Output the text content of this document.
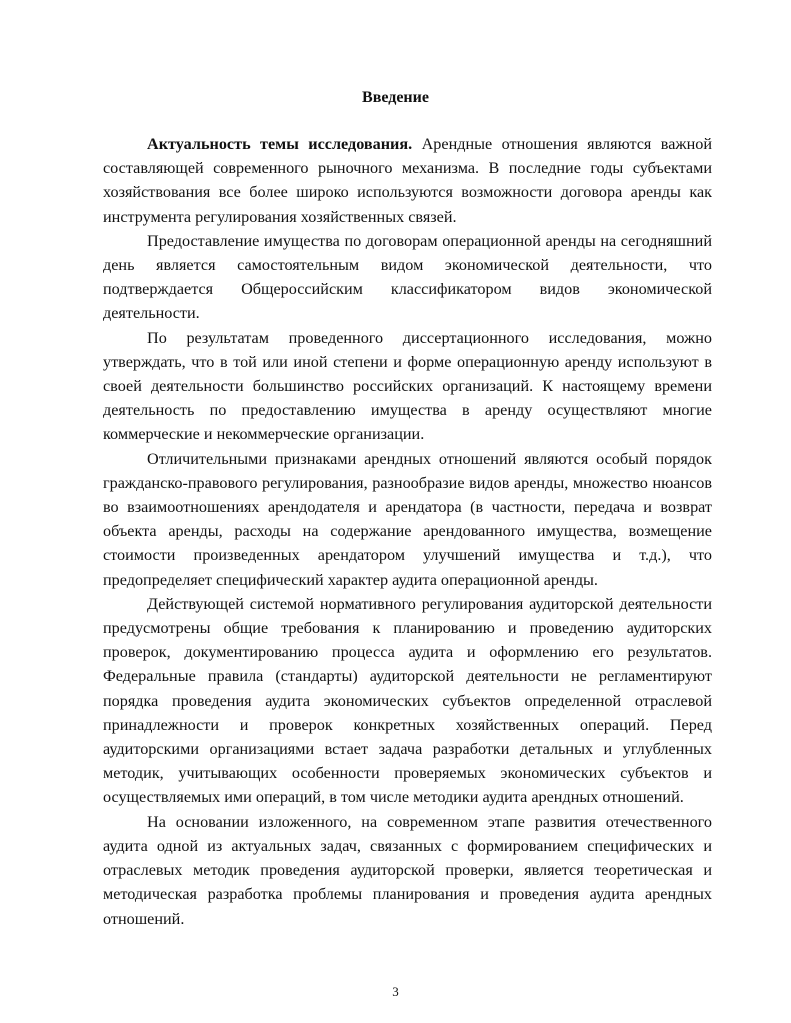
Введение

Актуальность темы исследования. Арендные отношения являются важной составляющей современного рыночного механизма. В последние годы субъектами хозяйствования все более широко используются возможности договора аренды как инструмента регулирования хозяйственных связей.

Предоставление имущества по договорам операционной аренды на сегодняшний день является самостоятельным видом экономической деятельности, что подтверждается Общероссийским классификатором видов экономической деятельности.

По результатам проведенного диссертационного исследования, можно утверждать, что в той или иной степени и форме операционную аренду используют в своей деятельности большинство российских организаций. К настоящему времени деятельность по предоставлению имущества в аренду осуществляют многие коммерческие и некоммерческие организации.

Отличительными признаками арендных отношений являются особый порядок гражданско-правового регулирования, разнообразие видов аренды, множество нюансов во взаимоотношениях арендодателя и арендатора (в частности, передача и возврат объекта аренды, расходы на содержание арендованного имущества, возмещение стоимости произведенных арендатором улучшений имущества и т.д.), что предопределяет специфический характер аудита операционной аренды.

Действующей системой нормативного регулирования аудиторской деятельности предусмотрены общие требования к планированию и проведению аудиторских проверок, документированию процесса аудита и оформлению его результатов. Федеральные правила (стандарты) аудиторской деятельности не регламентируют порядка проведения аудита экономических субъектов определенной отраслевой принадлежности и проверок конкретных хозяйственных операций. Перед аудиторскими организациями встает задача разработки детальных и углубленных методик, учитывающих особенности проверяемых экономических субъектов и осуществляемых ими операций, в том числе методики аудита арендных отношений.

На основании изложенного, на современном этапе развития отечественного аудита одной из актуальных задач, связанных с формированием специфических и отраслевых методик проведения аудиторской проверки, является теоретическая и методическая разработка проблемы планирования и проведения аудита арендных отношений.

3
